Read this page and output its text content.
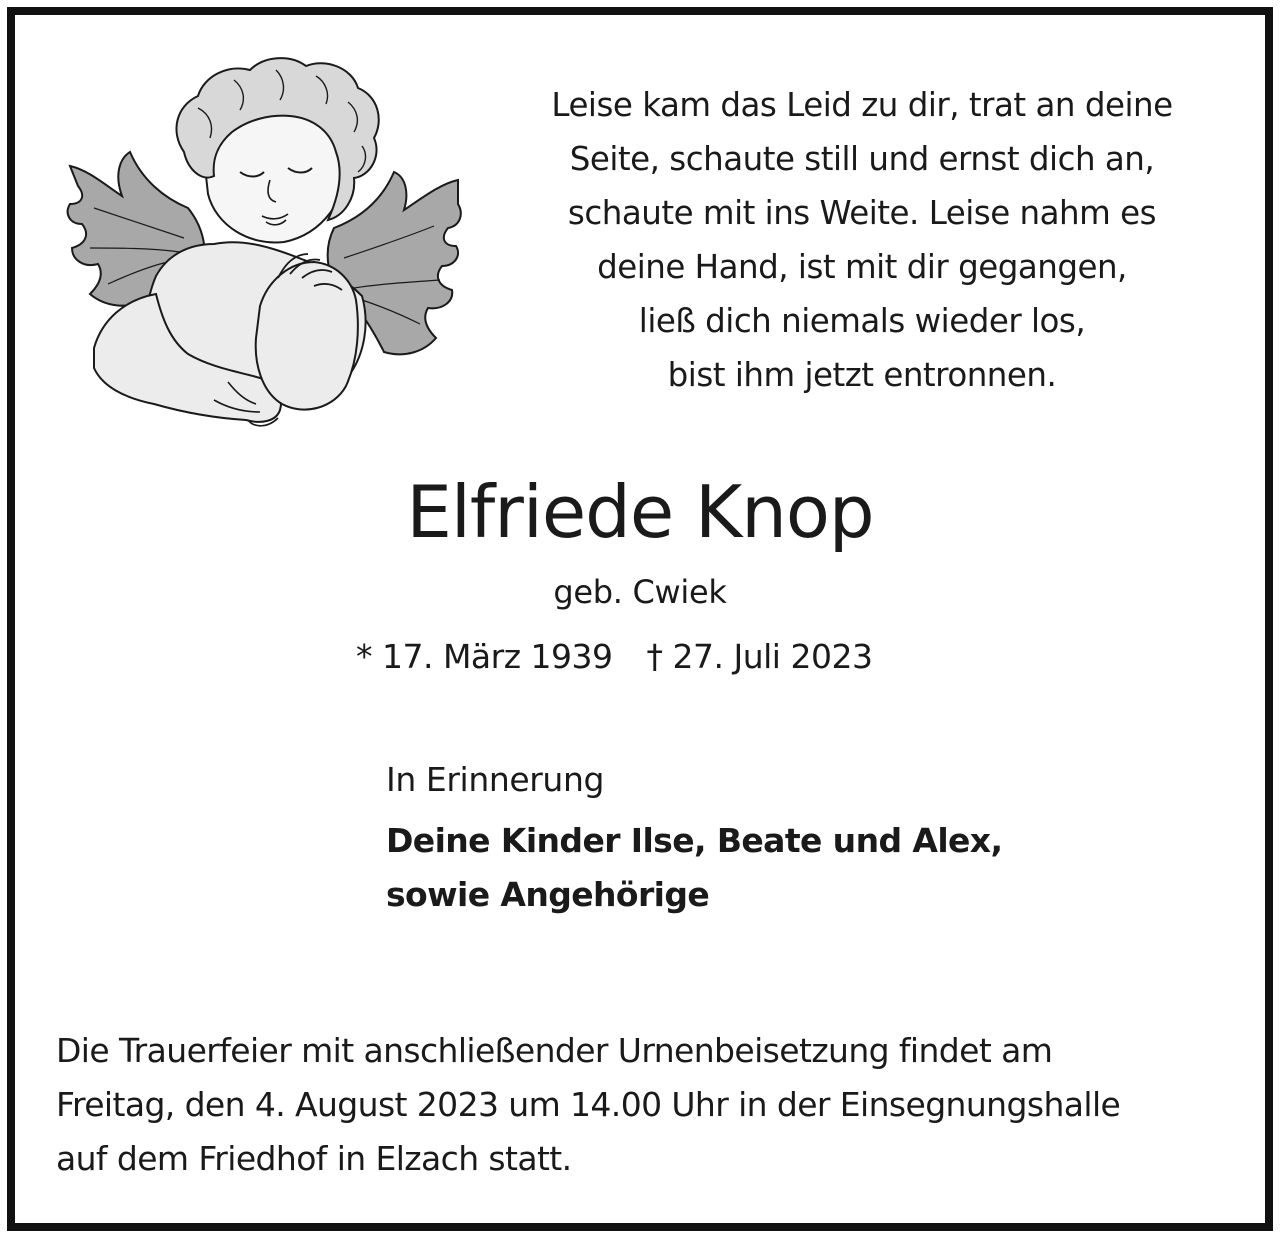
Leise kam das Leid zu dir, trat an deine
Seite, schaute still und ernst dich an,
schaute mit ins Weite. Leise nahm es
deine Hand, ist mit dir gegangen,
ließ dich niemals wieder los,
bist ihm jetzt entronnen.
Elfriede Knop
geb. Cwiek
* 17. März 1939 † 27. Juli 2023
In Erinnerung
Deine Kinder Ilse, Beate und Alex,
sowie Angehörige
Die Trauerfeier mit anschließender Urnenbeisetzung findet am
Freitag, den 4. August 2023 um 14.00 Uhr in der Einsegnungshalle
auf dem Friedhof in Elzach statt.
